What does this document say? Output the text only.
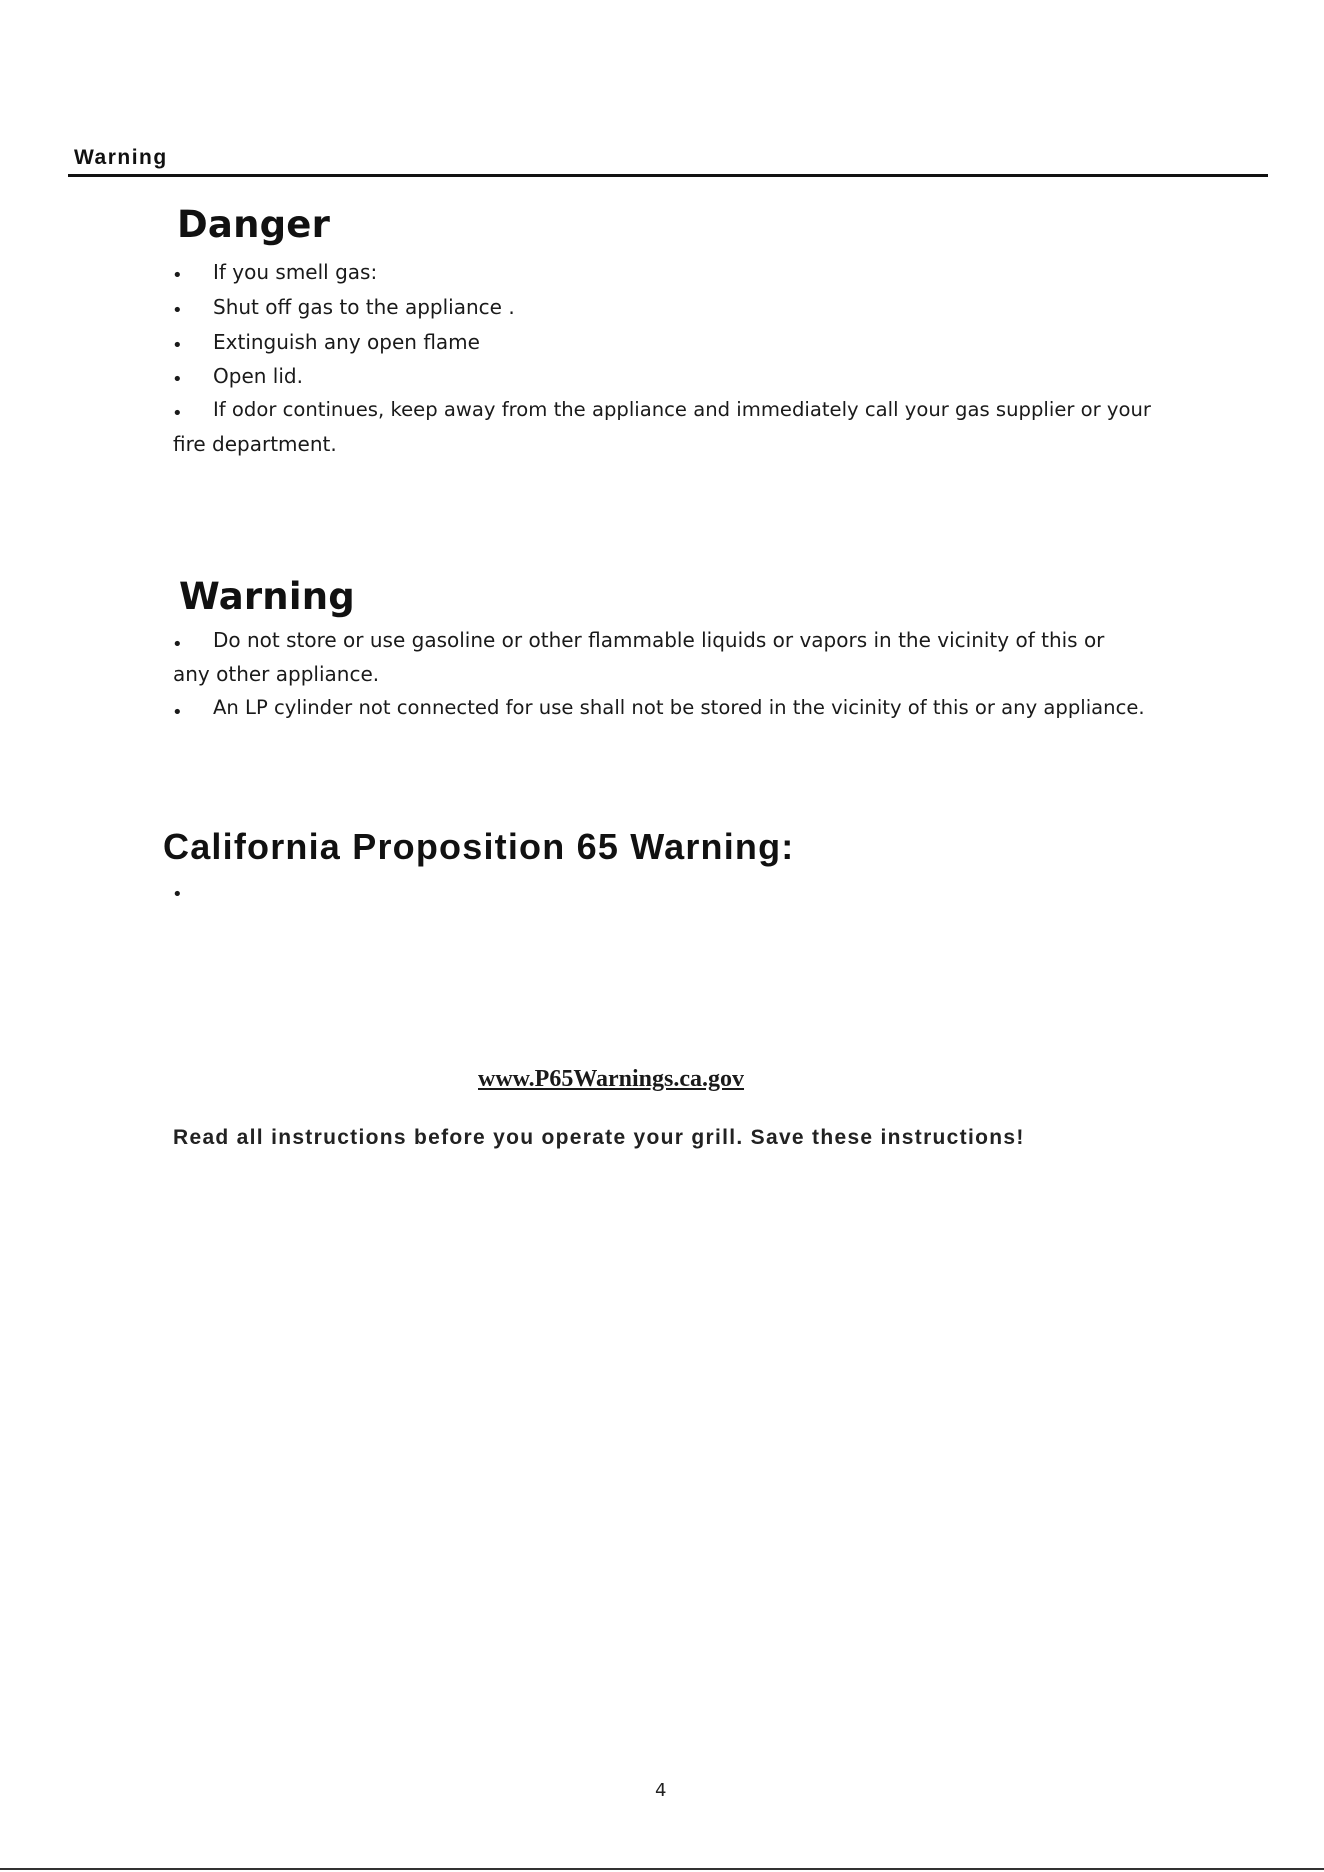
Warning
Danger
• If you smell gas:
• Shut off gas to the appliance .
• Extinguish any open flame
• Open lid.
• If odor continues, keep away from the appliance and immediately call your gas supplier or your
fire department.
Warning
• Do not store or use gasoline or other flammable liquids or vapors in the vicinity of this or
any other appliance.
• An LP cylinder not connected for use shall not be stored in the vicinity of this or any appliance.
California Proposition 65 Warning:
•
www.P65Warnings.ca.gov
Read all instructions before you operate your grill. Save these instructions!
4
